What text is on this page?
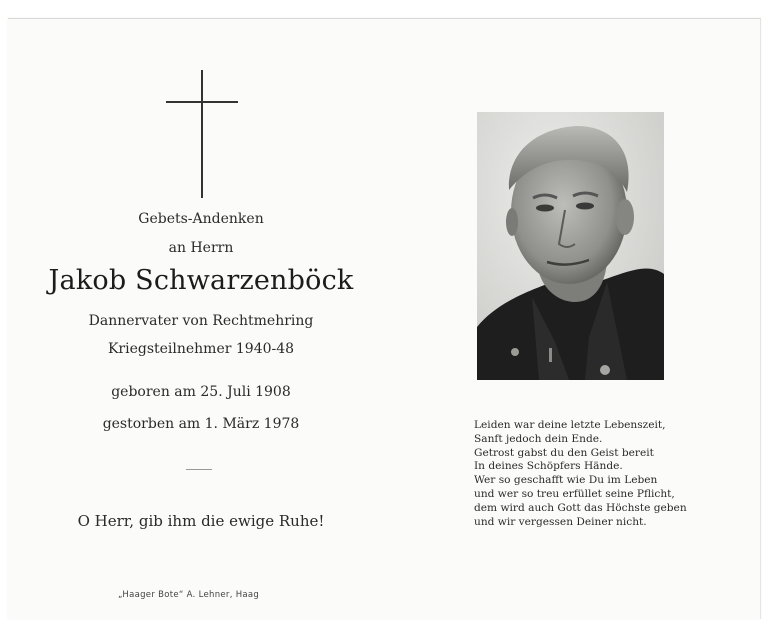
Gebets-Andenken
an Herrn
Jakob Schwarzenböck
Dannervater von Rechtmehring
Kriegsteilnehmer 1940-48
geboren am 25. Juli 1908
gestorben am 1. März 1978
O Herr, gib ihm die ewige Ruhe!
„Haager Bote“ A. Lehner, Haag
Leiden war deine letzte Lebenszeit,
Sanft jedoch dein Ende.
Getrost gabst du den Geist bereit
In deines Schöpfers Hände.
Wer so geschafft wie Du im Leben
und wer so treu erfüllet seine Pflicht,
dem wird auch Gott das Höchste geben
und wir vergessen Deiner nicht.
